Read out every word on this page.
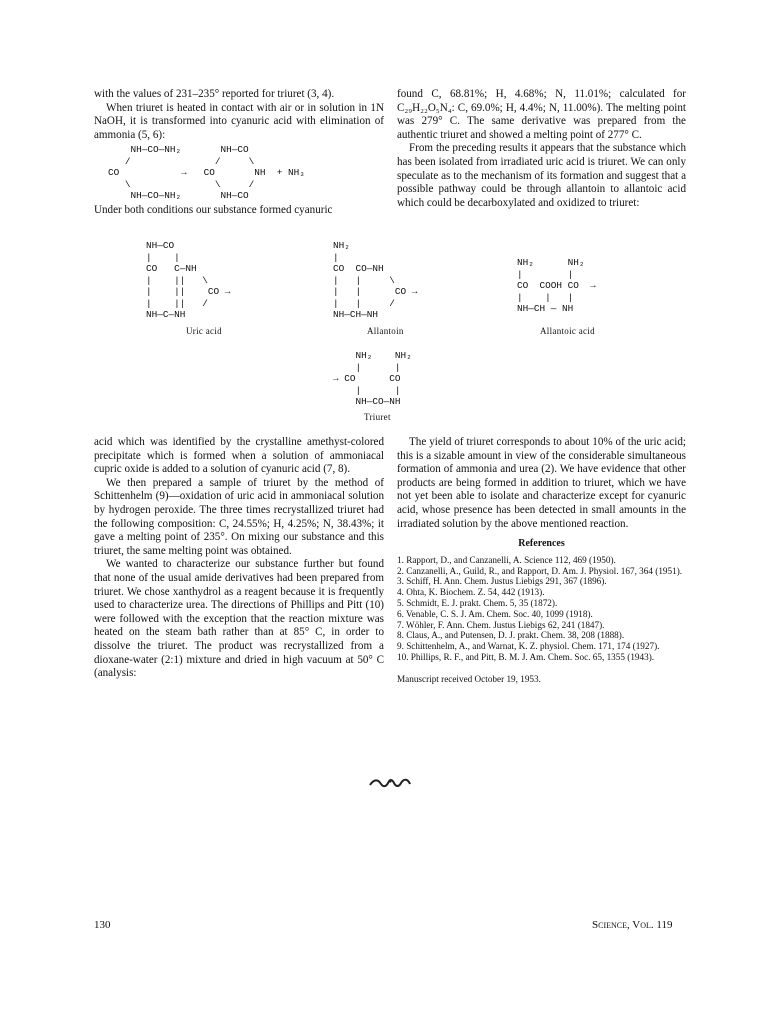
with the values of 231–235° reported for triuret (3, 4).

When triuret is heated in contact with air or in solution in 1N NaOH, it is transformed into cyanuric acid with elimination of ammonia (5, 6):

NH—CO—NH₂       NH—CO
/               /     \
CO           →   CO       NH  + NH₃
\               \     /
NH—CO—NH₂       NH—CO

Under both conditions our substance formed cyanuric

found C, 68.81%; H, 4.68%; N, 11.01%; calculated for C₂₉H₂₂O₅N₄: C, 69.0%; H, 4.4%; N, 11.00%). The melting point was 279° C. The same derivative was prepared from the authentic triuret and showed a melting point of 277° C.

From the preceding results it appears that the substance which has been isolated from irradiated uric acid is triuret. We can only speculate as to the mechanism of its formation and suggest that a possible pathway could be through allantoin to allantoic acid which could be decarboxylated and oxidized to triuret:

NH—CO
|    |
CO   C—NH
|    ||   \
|    ||    CO →
|    ||   /
NH—C—NH
Uric acid
NH₂
|
CO  CO—NH
|   |     \
|   |      CO →
|   |     /
NH—CH—NH
Allantoin
NH₂      NH₂
|        |
CO  COOH CO  →
|    |   |
NH—CH — NH
Allantoic acid
NH₂    NH₂
|      |
→ CO      CO
|      |
NH—CO—NH
Triuret

acid which was identified by the crystalline amethyst-colored precipitate which is formed when a solution of ammoniacal cupric oxide is added to a solution of cyanuric acid (7, 8).

We then prepared a sample of triuret by the method of Schittenhelm (9)—oxidation of uric acid in ammoniacal solution by hydrogen peroxide. The three times recrystallized triuret had the following composition: C, 24.55%; H, 4.25%; N, 38.43%; it gave a melting point of 235°. On mixing our substance and this triuret, the same melting point was obtained.

We wanted to characterize our substance further but found that none of the usual amide derivatives had been prepared from triuret. We chose xanthydrol as a reagent because it is frequently used to characterize urea. The directions of Phillips and Pitt (10) were followed with the exception that the reaction mixture was heated on the steam bath rather than at 85° C, in order to dissolve the triuret. The product was recrystallized from a dioxane-water (2:1) mixture and dried in high vacuum at 50° C (analysis:

The yield of triuret corresponds to about 10% of the uric acid; this is a sizable amount in view of the considerable simultaneous formation of ammonia and urea (2). We have evidence that other products are being formed in addition to triuret, which we have not yet been able to isolate and characterize except for cyanuric acid, whose presence has been detected in small amounts in the irradiated solution by the above mentioned reaction.

References
1. Rapport, D., and Canzanelli, A. Science 112, 469 (1950).
2. Canzanelli, A., Guild, R., and Rapport, D. Am. J. Physiol. 167, 364 (1951).
3. Schiff, H. Ann. Chem. Justus Liebigs 291, 367 (1896).
4. Ohta, K. Biochem. Z. 54, 442 (1913).
5. Schmidt, E. J. prakt. Chem. 5, 35 (1872).
6. Venable, C. S. J. Am. Chem. Soc. 40, 1099 (1918).
7. Wöhler, F. Ann. Chem. Justus Liebigs 62, 241 (1847).
8. Claus, A., and Putensen, D. J. prakt. Chem. 38, 208 (1888).
9. Schittenhelm, A., and Warnat, K. Z. physiol. Chem. 171, 174 (1927).
10. Phillips, R. F., and Pitt, B. M. J. Am. Chem. Soc. 65, 1355 (1943).
Manuscript received October 19, 1953.
130	Science, Vol. 119
